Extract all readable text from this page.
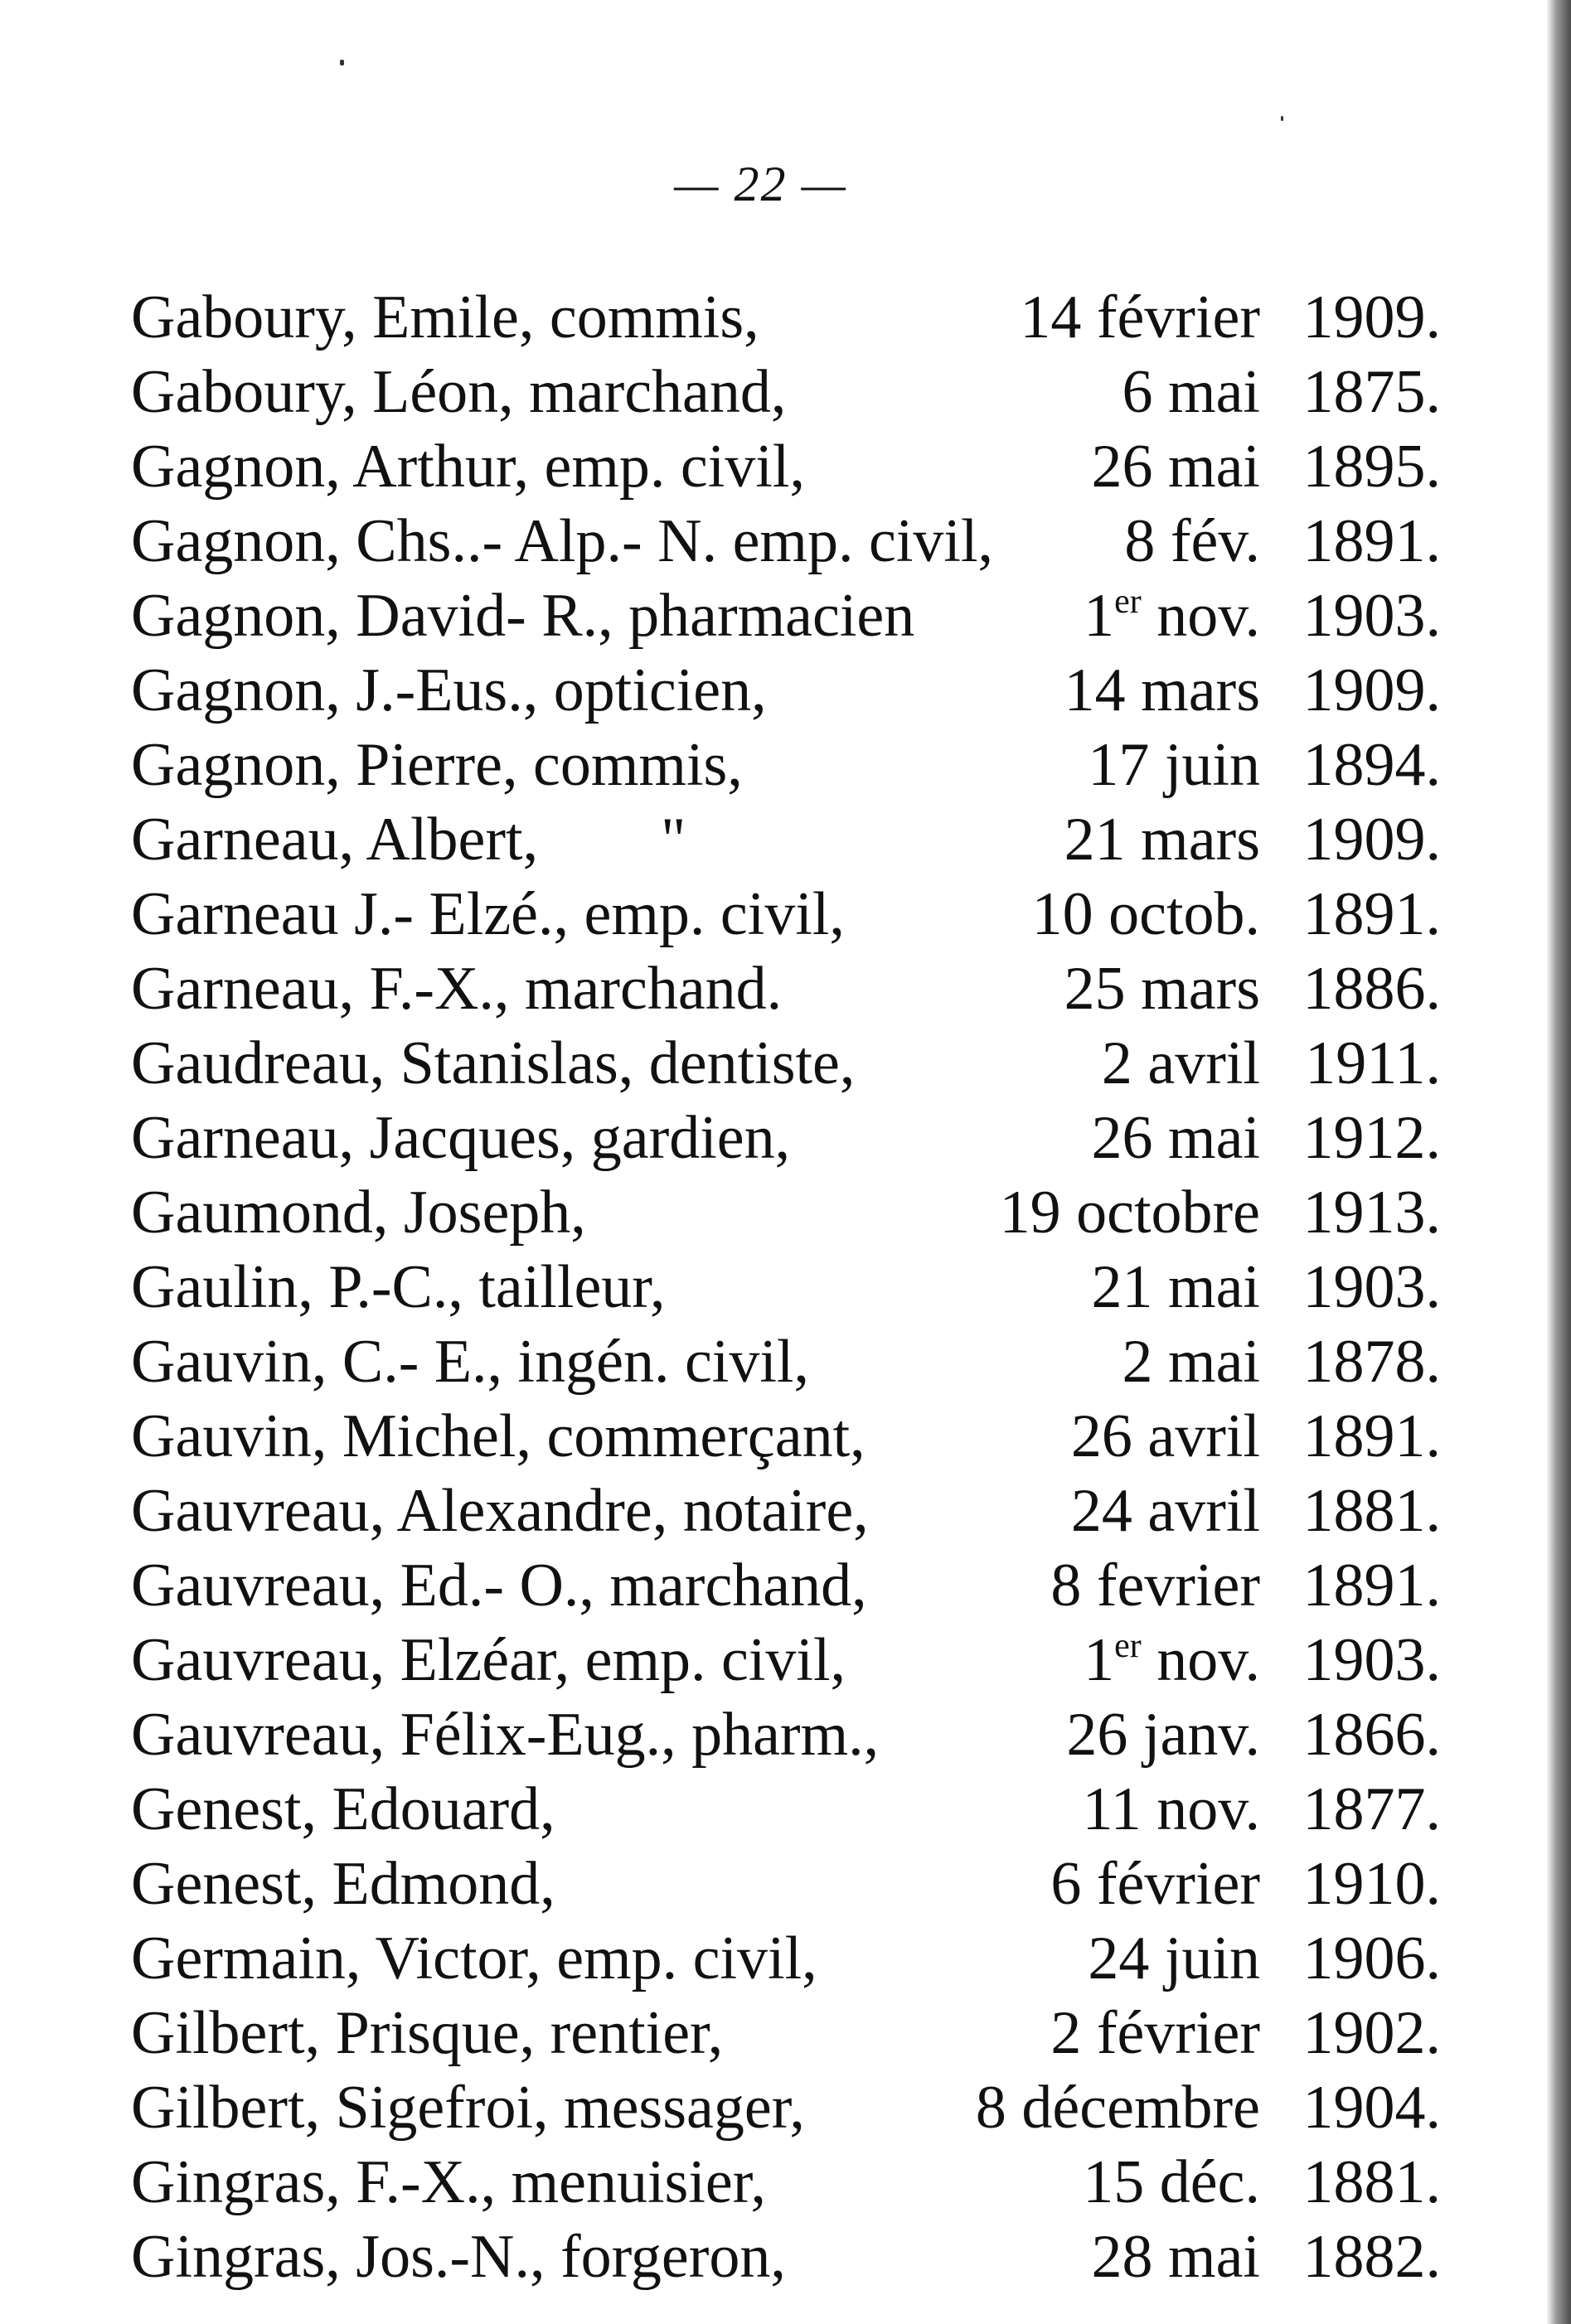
— 22 —
Gaboury, Emile, commis,	14 février 1909.
Gaboury, Léon, marchand,	6 mai 1875.
Gagnon, Arthur, emp. civil,	26 mai 1895.
Gagnon, Chs..- Alp.- N. emp. civil, 8 fév. 1891.
Gagnon, David- R., pharmacien	1er nov. 1903.
Gagnon, J.-Eus., opticien,	14 mars 1909.
Gagnon, Pierre, commis,	17 juin 1894.
Garneau, Albert,        "	21 mars 1909.
Garneau J.- Elzé., emp. civil,	10 octob. 1891.
Garneau, F.-X., marchand.	25 mars 1886.
Gaudreau, Stanislas, dentiste,	2 avril 1911.
Garneau, Jacques, gardien,	26 mai 1912.
Gaumond, Joseph,	19 octobre 1913.
Gaulin, P.-C., tailleur,	21 mai 1903.
Gauvin, C.- E., ingén. civil,	2 mai 1878.
Gauvin, Michel, commerçant,	26 avril 1891.
Gauvreau, Alexandre, notaire,	24 avril 1881.
Gauvreau, Ed.- O., marchand,	8 fevrier 1891.
Gauvreau, Elzéar, emp. civil,	1er nov. 1903.
Gauvreau, Félix-Eug., pharm.,	26 janv. 1866.
Genest, Edouard,	11 nov. 1877.
Genest, Edmond,	6 février 1910.
Germain, Victor, emp. civil,	24 juin 1906.
Gilbert, Prisque, rentier,	2 février 1902.
Gilbert, Sigefroi, messager,	8 décembre 1904.
Gingras, F.-X., menuisier,	15 déc. 1881.
Gingras, Jos.-N., forgeron,	28 mai 1882.
